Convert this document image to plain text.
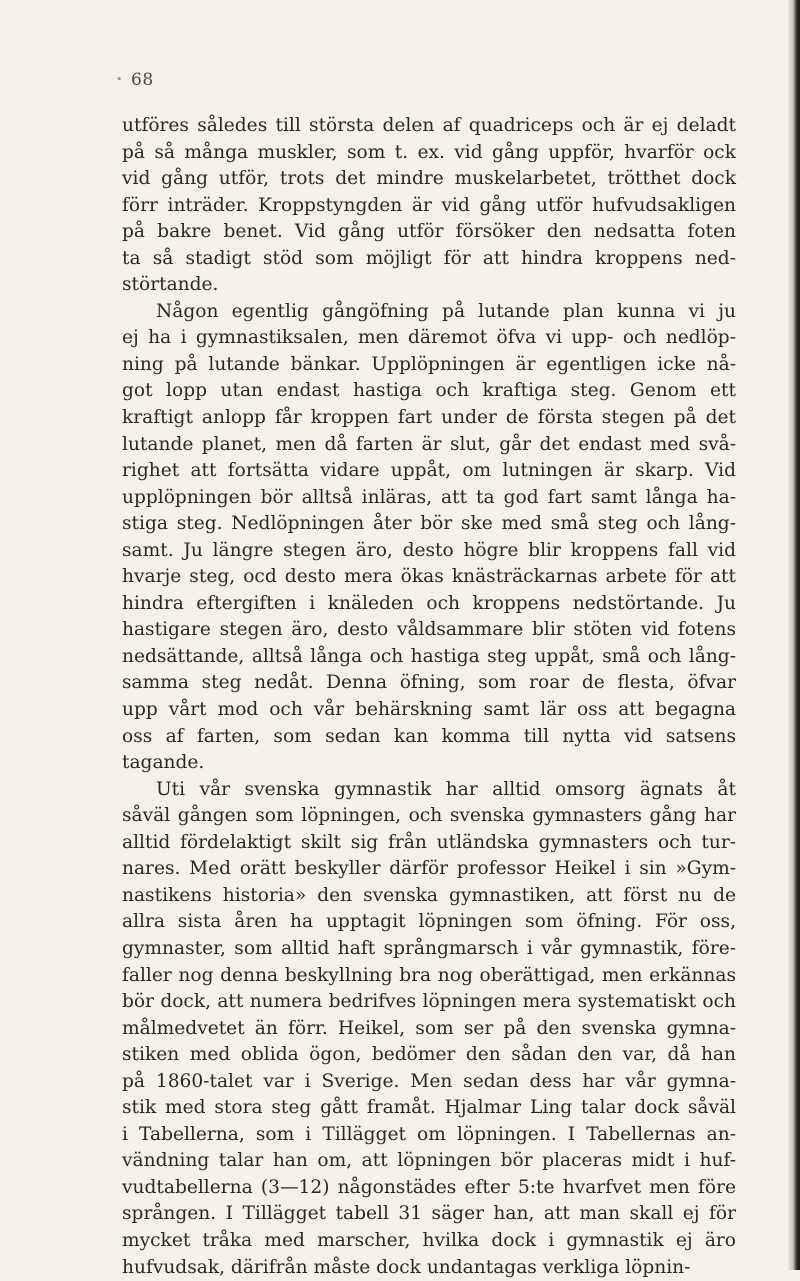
• 68
utföres således till största delen af quadriceps och är ej deladt
på så många muskler, som t. ex. vid gång uppför, hvarför ock
vid gång utför, trots det mindre muskelarbetet, trötthet dock
förr inträder. Kroppstyngden är vid gång utför hufvudsakligen
på bakre benet. Vid gång utför försöker den nedsatta foten
ta så stadigt stöd som möjligt för att hindra kroppens ned-
störtande.
Någon egentlig gångöfning på lutande plan kunna vi ju
ej ha i gymnastiksalen, men däremot öfva vi upp- och nedlöp-
ning på lutande bänkar. Upplöpningen är egentligen icke nå-
got lopp utan endast hastiga och kraftiga steg. Genom ett
kraftigt anlopp får kroppen fart under de första stegen på det
lutande planet, men då farten är slut, går det endast med svå-
righet att fortsätta vidare uppåt, om lutningen är skarp. Vid
upplöpningen bör alltså inläras, att ta god fart samt långa ha-
stiga steg. Nedlöpningen åter bör ske med små steg och lång-
samt. Ju längre stegen äro, desto högre blir kroppens fall vid
hvarje steg, ocd desto mera ökas knästräckarnas arbete för att
hindra eftergiften i knäleden och kroppens nedstörtande. Ju
hastigare stegen äro, desto våldsammare blir stöten vid fotens
nedsättande, alltså långa och hastiga steg uppåt, små och lång-
samma steg nedåt. Denna öfning, som roar de flesta, öfvar
upp vårt mod och vår behärskning samt lär oss att begagna
oss af farten, som sedan kan komma till nytta vid satsens
tagande.
Uti vår svenska gymnastik har alltid omsorg ägnats åt
såväl gången som löpningen, och svenska gymnasters gång har
alltid fördelaktigt skilt sig från utländska gymnasters och tur-
nares. Med orätt beskyller därför professor Heikel i sin »Gym-
nastikens historia» den svenska gymnastiken, att först nu de
allra sista åren ha upptagit löpningen som öfning. För oss,
gymnaster, som alltid haft språngmarsch i vår gymnastik, före-
faller nog denna beskyllning bra nog oberättigad, men erkännas
bör dock, att numera bedrifves löpningen mera systematiskt och
målmedvetet än förr. Heikel, som ser på den svenska gymna-
stiken med oblida ögon, bedömer den sådan den var, då han
på 1860-talet var i Sverige. Men sedan dess har vår gymna-
stik med stora steg gått framåt. Hjalmar Ling talar dock såväl
i Tabellerna, som i Tillägget om löpningen. I Tabellernas an-
vändning talar han om, att löpningen bör placeras midt i huf-
vudtabellerna (3—12) någonstädes efter 5:te hvarfvet men före
sprången. I Tillägget tabell 31 säger han, att man skall ej för
mycket tråka med marscher, hvilka dock i gymnastik ej äro
hufvudsak, därifrån måste dock undantagas verkliga löpnin-
